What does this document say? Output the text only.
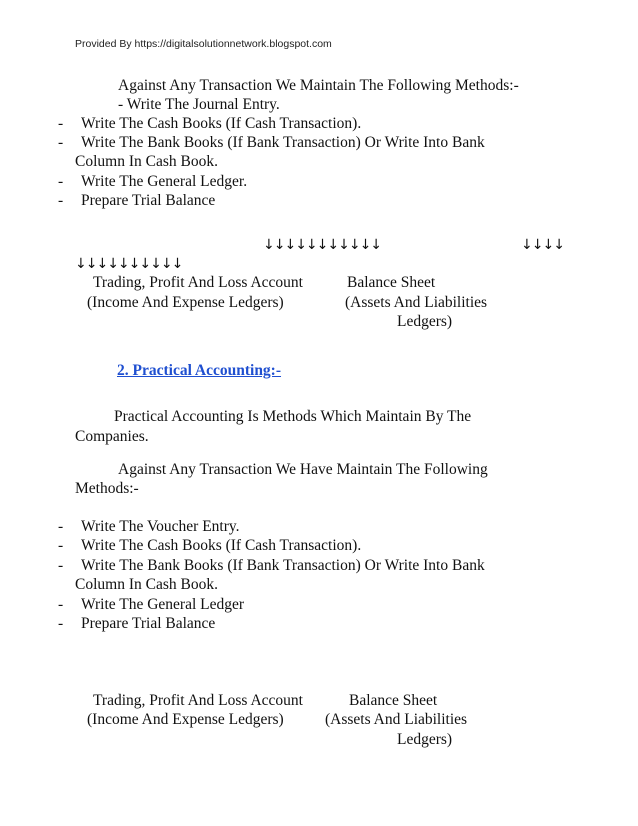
Provided By https://digitalsolutionnetwork.blogspot.com
Against Any Transaction We Maintain The Following Methods:-
- Write The Journal Entry.
- Write The Cash Books (If Cash Transaction).
- Write The Bank Books (If Bank Transaction) Or Write Into Bank
Column In Cash Book.
- Write The General Ledger.
- Prepare Trial Balance
↓↓↓↓↓↓↓↓↓↓↓	↓↓↓↓
↓↓↓↓↓↓↓↓↓↓
Trading, Profit And Loss Account	Balance Sheet
(Income And Expense Ledgers)	(Assets And Liabilities
Ledgers)
2. Practical Accounting:-
Practical Accounting Is Methods Which Maintain By The
Companies.
Against Any Transaction We Have Maintain The Following
Methods:-
- Write The Voucher Entry.
- Write The Cash Books (If Cash Transaction).
- Write The Bank Books (If Bank Transaction) Or Write Into Bank
Column In Cash Book.
- Write The General Ledger
- Prepare Trial Balance
Trading, Profit And Loss Account	Balance Sheet
(Income And Expense Ledgers)	(Assets And Liabilities
Ledgers)
